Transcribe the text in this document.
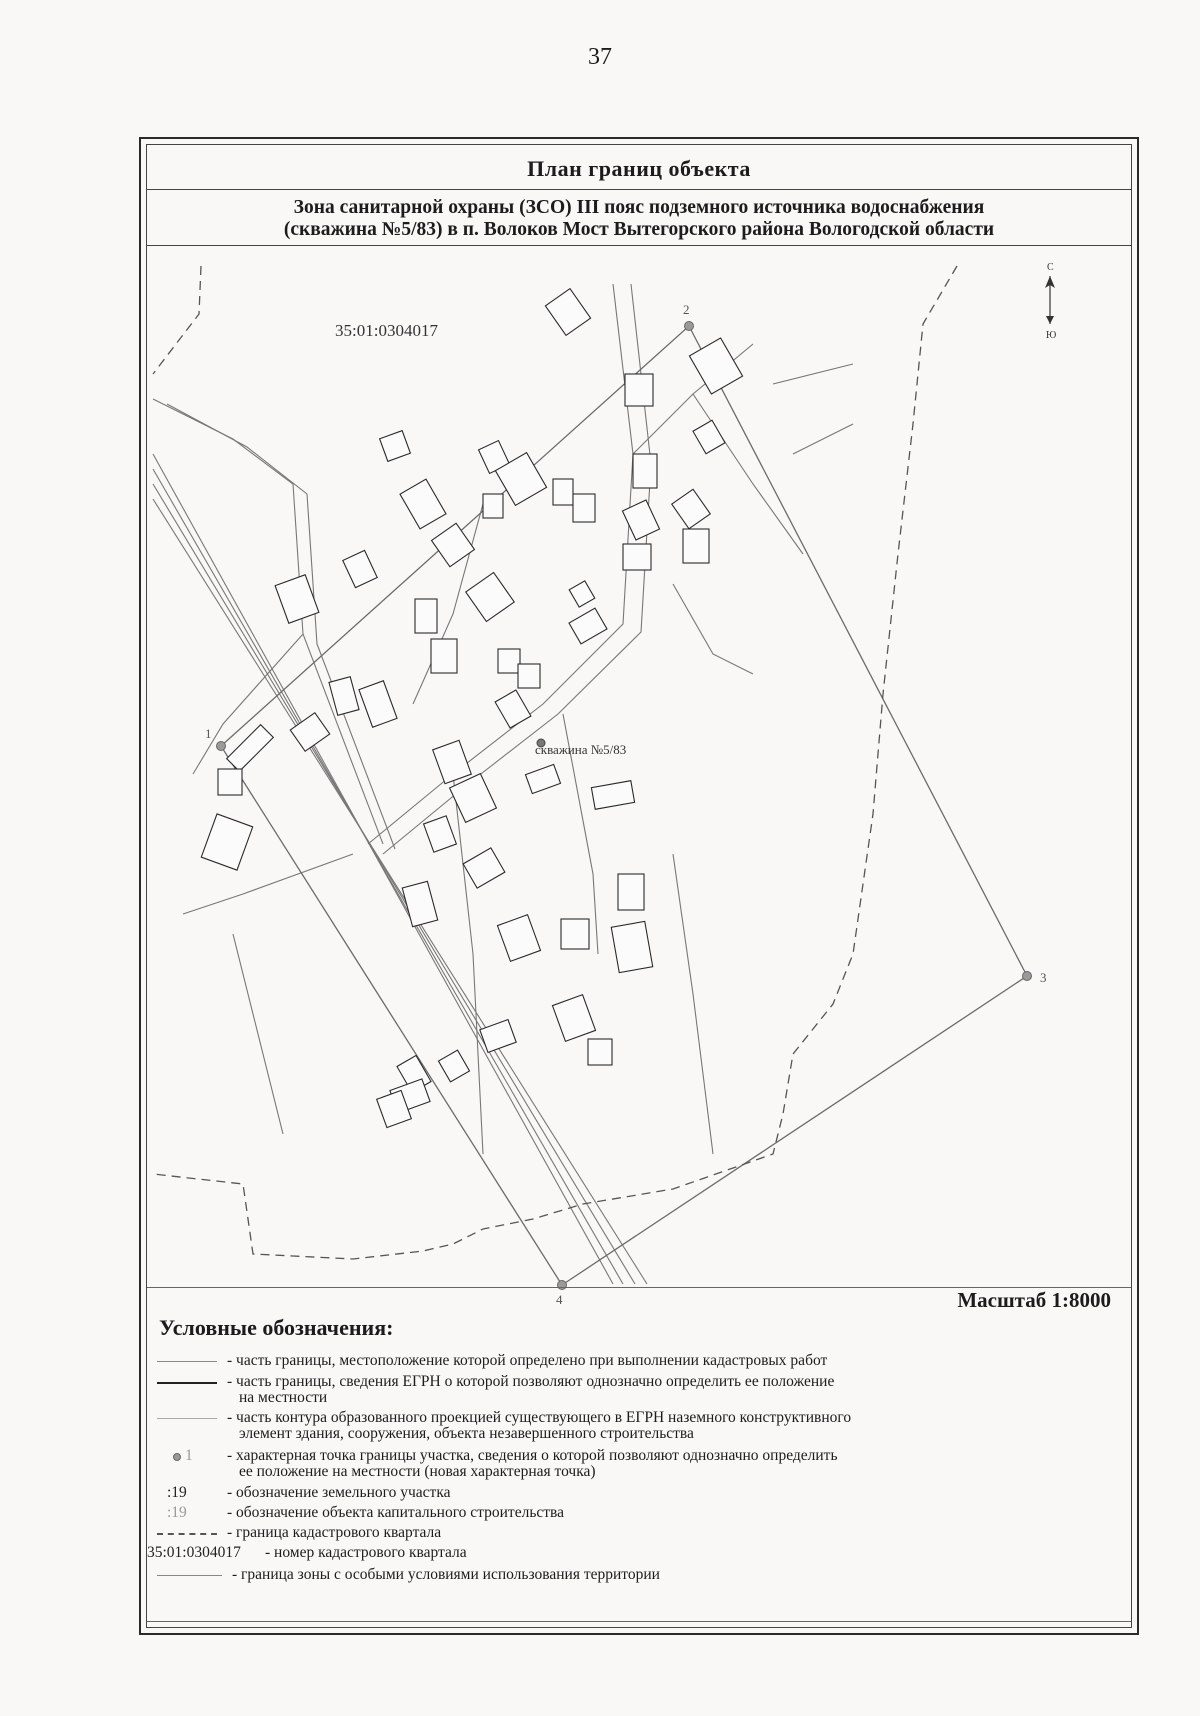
37
План границ объекта
Зона санитарной охраны (ЗСО) III пояс подземного источника водоснабжения
(скважина №5/83) в п. Волоков Мост Вытегорского района Вологодской области
1
2
3
4
скважина №5/83
35:01:0304017
С
Ю
Масштаб 1:8000
Условные обозначения:
- часть границы, местоположение которой определено при выполнении кадастровых работ
- часть границы, сведения ЕГРН о которой позволяют однозначно определить ее положение
на местности
- часть контура образованного проекцией существующего в ЕГРН наземного конструктивного
элемент здания, сооружения, объекта незавершенного строительства
1 - характерная точка границы участка, сведения о которой позволяют однозначно определить
ее положение на местности (новая характерная точка)
:19	- обозначение земельного участка
:19	- обозначение объекта капитального строительства
- граница кадастрового квартала
35:01:0304017 - номер кадастрового квартала
- граница зоны с особыми условиями использования территории
